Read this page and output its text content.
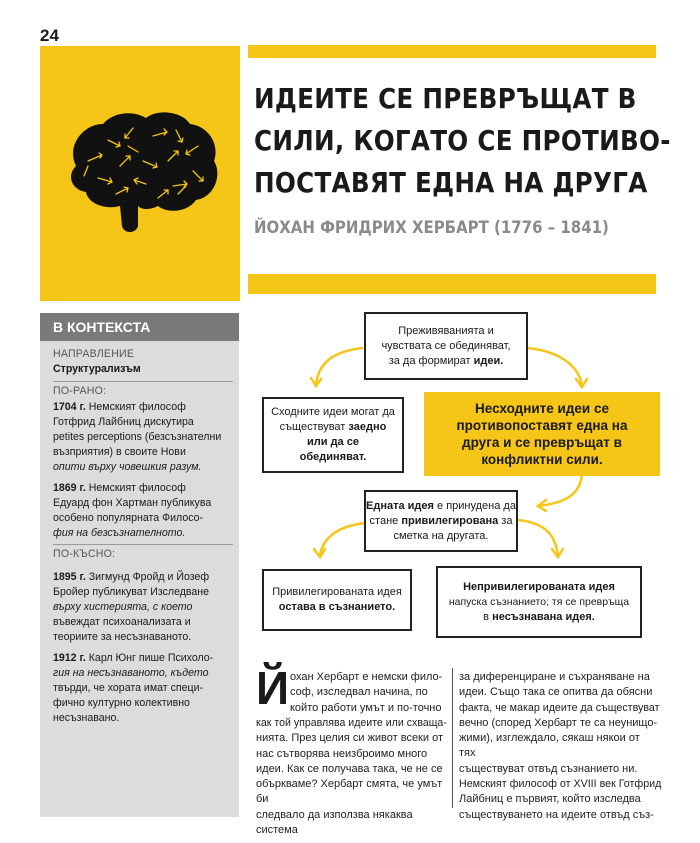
24
ИДЕИТЕ СЕ ПРЕВРЪЩАТ В
СИЛИ, КОГАТО СЕ ПРОТИВО-
ПОСТАВЯТ ЕДНА НА ДРУГА
ЙОХАН ФРИДРИХ ХЕРБАРТ (1776 – 1841)
В КОНТЕКСТА
НАПРАВЛЕНИЕ
Структурализъм
ПО-РАНО:
1704 г. Немският философ
Готфрид Лайбниц дискутира
petites perceptions (безсъзнателни
възприятия) в своите Нови
опити върху човешкия разум.
1869 г. Немският философ
Едуард фон Хартман публикува
особено популярната Филосо-
фия на безсъзнателното.
ПО-КЪСНО:
1895 г. Зигмунд Фройд и Йозеф
Бройер публикуват Изследване
върху хистерията, с което
въвеждат психоанализата и
теориите за несъзнаваното.
1912 г. Карл Юнг пише Психоло-
гия на несъзнаваното, където
твърди, че хората имат специ-
фично културно колективно
несъзнавано.
Преживяванията и
чувствата се обединяват,
за да формират идеи.
Сходните идеи могат да
съществуват заедно
или да се
обединяват.
Несходните идеи се
противопоставят една на
друга и се превръщат в
конфликтни сили.
Едната идея е принудена да
стане привилегирована за
сметка на другата.
Привилегированата идея
остава в съзнанието.
Непривилегированата идея
напуска съзнанието; тя се превръща
в несъзнавана идея.
Й охан Хербарт е немски фило-
соф, изследвал начина, по
който работи умът и по-точно
как той управлява идеите или схваща-
нията. През целия си живот всеки от
нас сътворява неизброимо много
идеи. Как се получава така, че не се
объркваме? Хербарт смята, че умът би
следвало да използва някаква система
за диференциране и съхраняване на
идеи. Също така се опитва да обясни
факта, че макар идеите да съществуват
вечно (според Хербарт те са неунищо-
жими), изглеждало, сякаш някои от тях
съществуват отвъд съзнанието ни.
Немският философ от XVIII век Готфрид
Лайбниц е първият, който изследва
съществуването на идеите отвъд съз-
